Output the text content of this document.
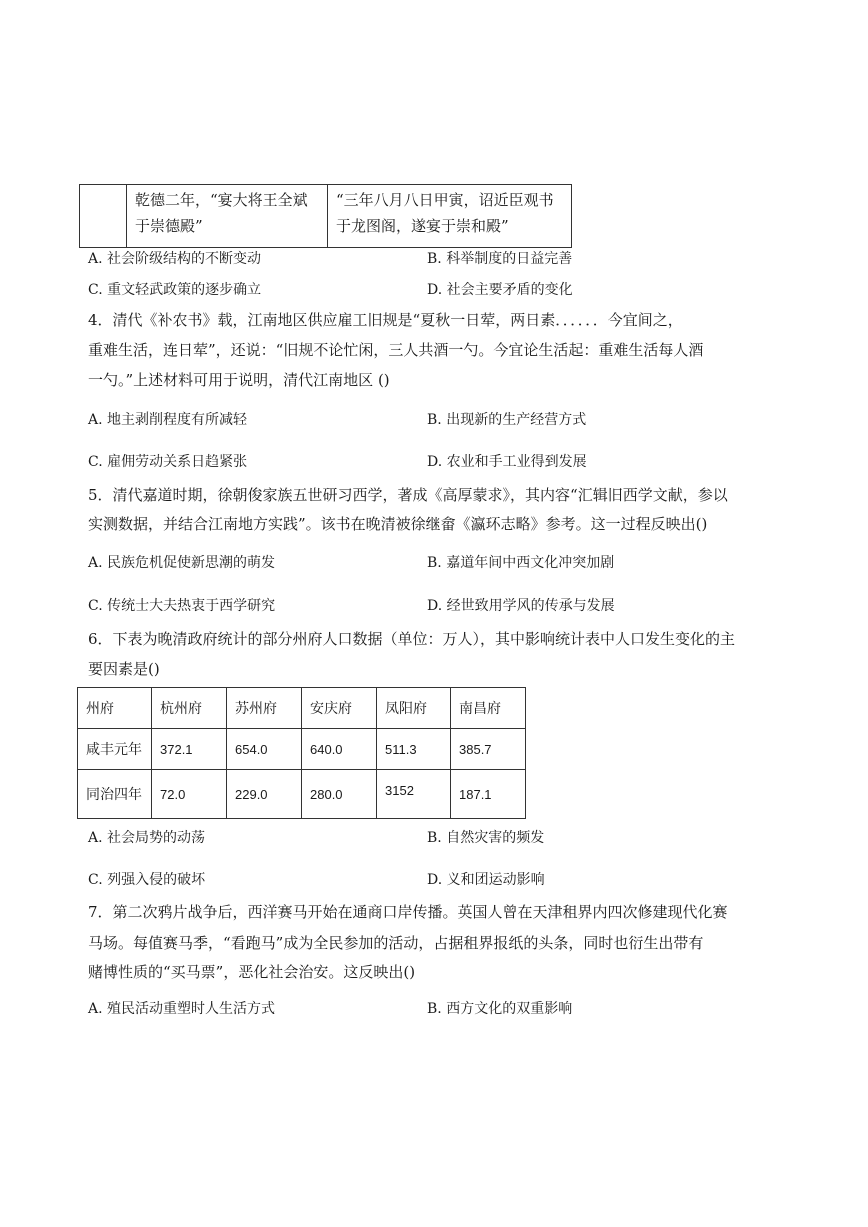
	乾德二年，“宴大将王全斌于崇德殿”	“三年八月八日甲寅，诏近臣观书于龙图阁，遂宴于崇和殿”
A. 社会阶级结构的不断变动	B. 科举制度的日益完善
C. 重文轻武政策的逐步确立	D. 社会主要矛盾的变化
4．清代《补农书》载，江南地区供应雇工旧规是“夏秋一日荤，两日素．．．．．．今宜间之，
重难生活，连日荤”，还说：“旧规不论忙闲，三人共酒一勺。今宜论生活起：重难生活每人酒
一勺。”上述材料可用于说明，清代江南地区 ()
A. 地主剥削程度有所减轻	B. 出现新的生产经营方式
C. 雇佣劳动关系日趋紧张	D. 农业和手工业得到发展
5．清代嘉道时期，徐朝俊家族五世研习西学，著成《高厚蒙求》，其内容“汇辑旧西学文献，参以
实测数据，并结合江南地方实践”。该书在晚清被徐继畲《瀛环志略》参考。这一过程反映出()
A. 民族危机促使新思潮的萌发	B. 嘉道年间中西文化冲突加剧
C. 传统士大夫热衷于西学研究	D. 经世致用学风的传承与发展
6．下表为晚清政府统计的部分州府人口数据（单位：万人），其中影响统计表中人口发生变化的主
要因素是()
州府	杭州府	苏州府	安庆府	凤阳府	南昌府
咸丰元年	372.1	654.0	640.0	511.3	385.7
同治四年	72.0	229.0	280.0	3152	187.1
A. 社会局势的动荡	B. 自然灾害的频发
C. 列强入侵的破坏	D. 义和团运动影响
7．第二次鸦片战争后，西洋赛马开始在通商口岸传播。英国人曾在天津租界内四次修建现代化赛
马场。每值赛马季，“看跑马”成为全民参加的活动，占据租界报纸的头条，同时也衍生出带有
赌博性质的“买马票”，恶化社会治安。这反映出()
A. 殖民活动重塑时人生活方式	B. 西方文化的双重影响
